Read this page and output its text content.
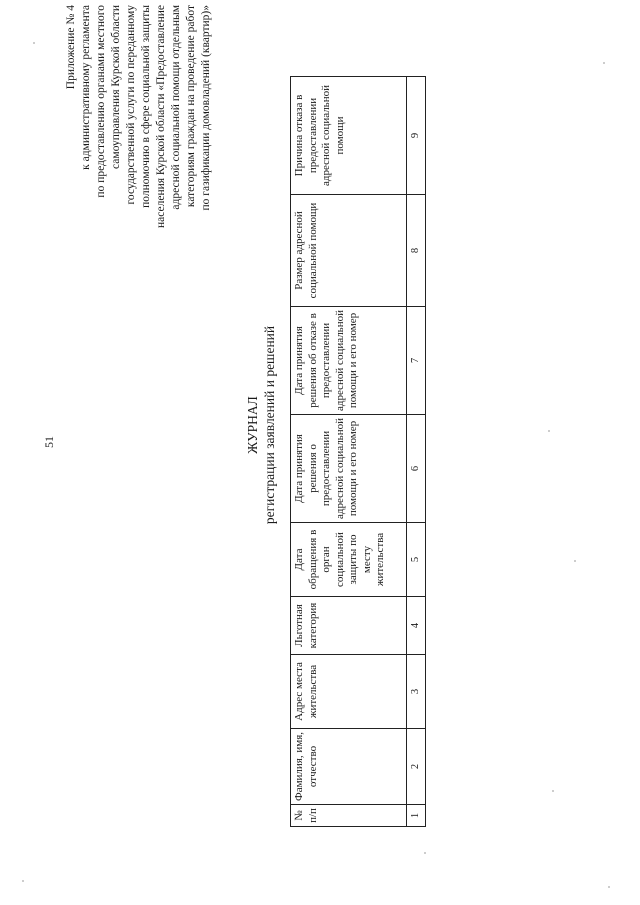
51
Приложение № 4 к административному регламента по предоставлению органами местного самоуправления Курской области государственной услуги по переданному полномочию в сфере социальной защиты населения Курской области «Предоставление адресной социальной помощи отдельным категориям граждан на проведение работ по газификации домовладений (квартир)»
ЖУРНАЛ регистрации заявлений и решений
№ п/п	Фамилия, имя, отчество	Адрес места жительства	Льготная категория	Дата обращения в орган социальной защиты по месту жительства	Дата принятия решения о предоставлении адресной социальной помощи и его номер	Дата принятия решения об отказе в предоставлении адресной социальной помощи и его номер	Размер адресной социальной помощи	Причина отказа в предоставлении адресной социальной помощи
1	2	3	4	5	6	7	8	9
